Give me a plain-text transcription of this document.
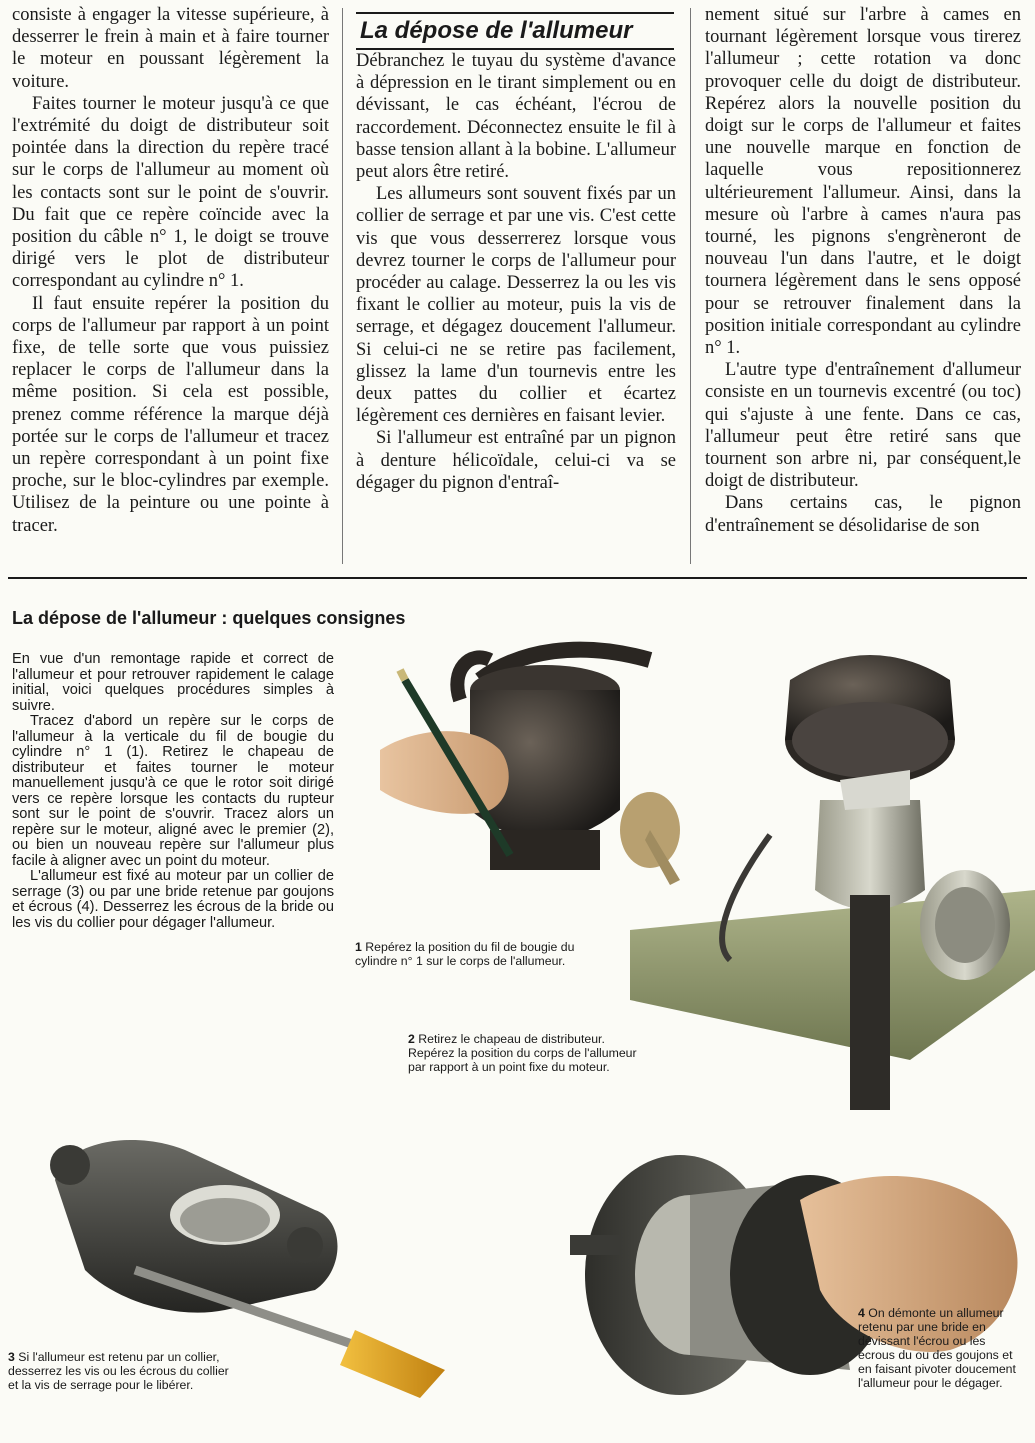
consiste à engager la vitesse supérieure, à desserrer le frein à main et à faire tourner le moteur en poussant légèrement la voiture.

Faites tourner le moteur jusqu'à ce que l'extrémité du doigt de distributeur soit pointée dans la direction du repère tracé sur le corps de l'allumeur au moment où les contacts sont sur le point de s'ouvrir. Du fait que ce repère coïncide avec la position du câble n° 1, le doigt se trouve dirigé vers le plot de distributeur correspondant au cylindre n° 1.

Il faut ensuite repérer la position du corps de l'allumeur par rapport à un point fixe, de telle sorte que vous puissiez replacer le corps de l'allumeur dans la même position. Si cela est possible, prenez comme référence la marque déjà portée sur le corps de l'allumeur et tracez un repère correspondant à un point fixe proche, sur le bloc-cylindres par exemple. Utilisez de la peinture ou une pointe à tracer.

La dépose de l'allumeur

Débranchez le tuyau du système d'avance à dépression en le tirant simplement ou en dévissant, le cas échéant, l'écrou de raccordement. Déconnectez ensuite le fil à basse tension allant à la bobine. L'allumeur peut alors être retiré.

Les allumeurs sont souvent fixés par un collier de serrage et par une vis. C'est cette vis que vous desserrerez lorsque vous devrez tourner le corps de l'allumeur pour procéder au calage. Desserrez la ou les vis fixant le collier au moteur, puis la vis de serrage, et dégagez doucement l'allumeur. Si celui-ci ne se retire pas facilement, glissez la lame d'un tournevis entre les deux pattes du collier et écartez légèrement ces dernières en faisant levier.

Si l'allumeur est entraîné par un pignon à denture hélicoïdale, celui-ci va se dégager du pignon d'entraî-

nement situé sur l'arbre à cames en tournant légèrement lorsque vous tirerez l'allumeur ; cette rotation va donc provoquer celle du doigt de distributeur. Repérez alors la nouvelle position du doigt sur le corps de l'allumeur et faites une nouvelle marque en fonction de laquelle vous repositionnerez ultérieurement l'allumeur. Ainsi, dans la mesure où l'arbre à cames n'aura pas tourné, les pignons s'engrèneront de nouveau l'un dans l'autre, et le doigt tournera légèrement dans le sens opposé pour se retrouver finalement dans la position initiale correspondant au cylindre n° 1.

L'autre type d'entraînement d'allumeur consiste en un tournevis excentré (ou toc) qui s'ajuste à une fente. Dans ce cas, l'allumeur peut être retiré sans que tournent son arbre ni, par conséquent,le doigt de distributeur.

Dans certains cas, le pignon d'entraînement se désolidarise de son

La dépose de l'allumeur : quelques consignes

En vue d'un remontage rapide et correct de l'allumeur et pour retrouver rapidement le calage initial, voici quelques procédures simples à suivre.

Tracez d'abord un repère sur le corps de l'allumeur à la verticale du fil de bougie du cylindre n° 1 (1). Retirez le chapeau de distributeur et faites tourner le moteur manuellement jusqu'à ce que le rotor soit dirigé vers ce repère lorsque les contacts du rupteur sont sur le point de s'ouvrir. Tracez alors un repère sur le moteur, aligné avec le premier (2), ou bien un nouveau repère sur l'allumeur plus facile à aligner avec un point du moteur.

L'allumeur est fixé au moteur par un collier de serrage (3) ou par une bride retenue par goujons et écrous (4). Desserrez les écrous de la bride ou les vis du collier pour dégager l'allumeur.

1 Repérez la position du fil de bougie du cylindre n° 1 sur le corps de l'allumeur.
2 Retirez le chapeau de distributeur. Repérez la position du corps de l'allumeur par rapport à un point fixe du moteur.
3 Si l'allumeur est retenu par un collier, desserrez les vis ou les écrous du collier et la vis de serrage pour le libérer.
4 On démonte un allumeur retenu par une bride en dévissant l'écrou ou les écrous du ou des goujons et en faisant pivoter doucement l'allumeur pour le dégager.
